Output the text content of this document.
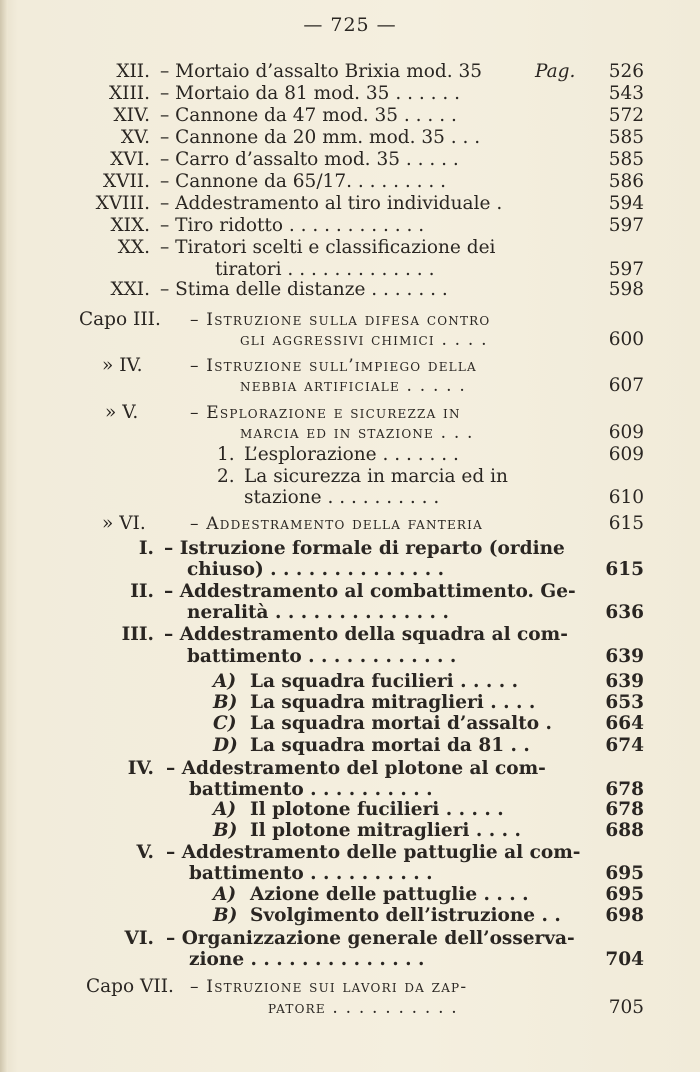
— 725 —
XII. – Mortaio d’assalto Brixia mod. 35	Pag. 526
XIII. – Mortaio da 81 mod. 35 . . . . . .	543
XIV. – Cannone da 47 mod. 35 . . . . .	572
XV. – Cannone da 20 mm. mod. 35 . . .	585
XVI. – Carro d’assalto mod. 35 . . . . .	585
XVII. – Cannone da 65/17. . . . . . . . .	586
XVIII. – Addestramento al tiro individuale .	594
XIX. – Tiro ridotto . . . . . . . . . . . .	597
XX. – Tiratori scelti e classificazione dei
tiratori . . . . . . . . . . . . .	597
XXI. – Stima delle distanze . . . . . . .	598
Capo III. – Istruzione sulla difesa contro
gli aggressivi chimici . . . .	600
» IV.	– Istruzione sull’impiego della
nebbia artificiale . . . . .	607
» V.	– Esplorazione e sicurezza in
marcia ed in stazione . . .	609
1. L’esplorazione . . . . . . .	609
2. La sicurezza in marcia ed in
stazione . . . . . . . . . .	610
» VI.	– Addestramento della fanteria	615
I. – Istruzione formale di reparto (ordine
chiuso) . . . . . . . . . . . . . .	615
II. – Addestramento al combattimento. Ge-
neralità . . . . . . . . . . . . . .	636
III. – Addestramento della squadra al com-
battimento . . . . . . . . . . . .	639
A) La squadra fucilieri . . . . .	639
B) La squadra mitraglieri . . . .	653
C) La squadra mortai d’assalto .	664
D) La squadra mortai da 81 . .	674
IV. – Addestramento del plotone al com-
battimento . . . . . . . . . .	678
A) Il plotone fucilieri . . . . .	678
B) Il plotone mitraglieri . . . .	688
V. – Addestramento delle pattuglie al com-
battimento . . . . . . . . . .	695
A) Azione delle pattuglie . . . .	695
B) Svolgimento dell’istruzione . . 698
VI. – Organizzazione generale dell’osserva-
zione . . . . . . . . . . . . . .	704
Capo VII. – Istruzione sui lavori da zap-
patore . . . . . . . . . .	705
